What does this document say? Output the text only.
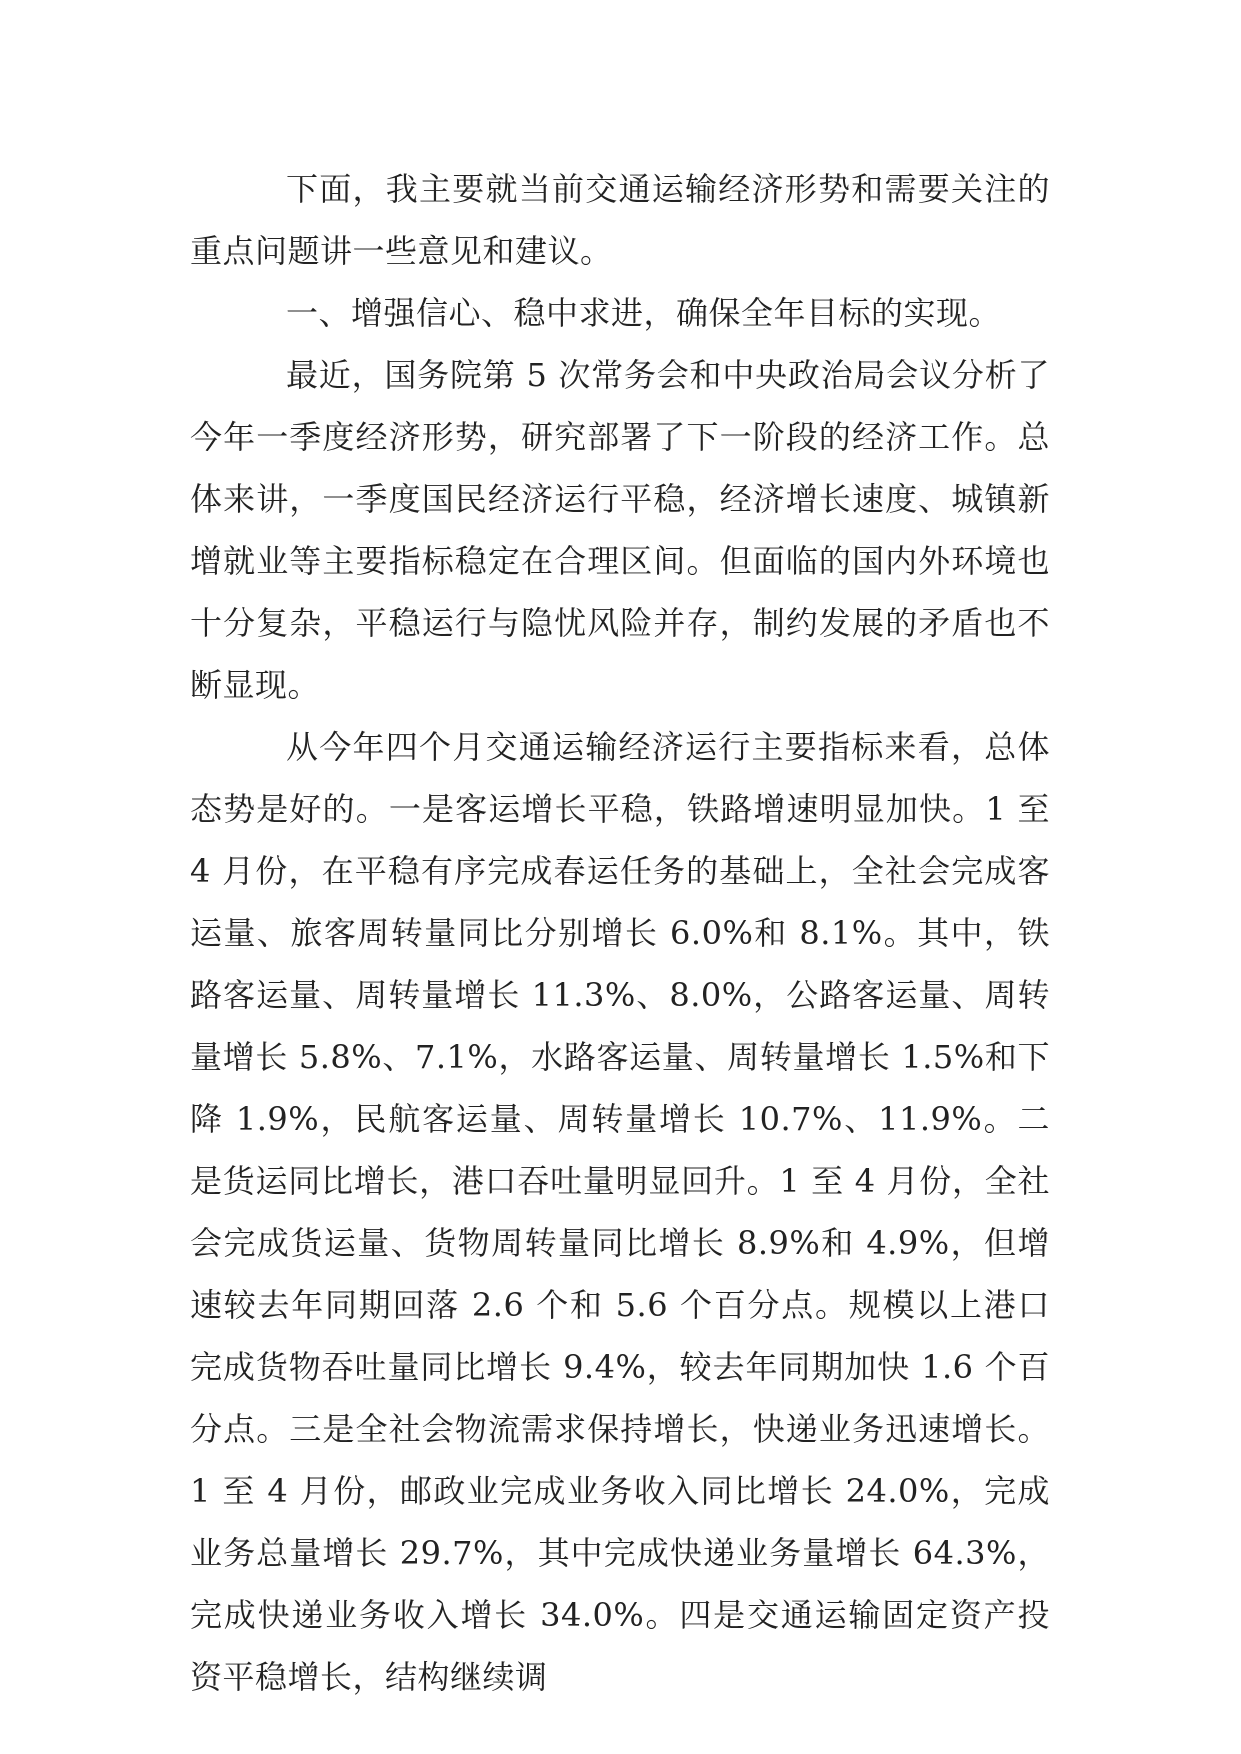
下面，我主要就当前交通运输经济形势和需要关注的重点问题讲一些意见和建议。

一、增强信心、稳中求进，确保全年目标的实现。

最近，国务院第 5 次常务会和中央政治局会议分析了今年一季度经济形势，研究部署了下一阶段的经济工作。总体来讲，一季度国民经济运行平稳，经济增长速度、城镇新增就业等主要指标稳定在合理区间。但面临的国内外环境也十分复杂，平稳运行与隐忧风险并存，制约发展的矛盾也不断显现。

从今年四个月交通运输经济运行主要指标来看，总体态势是好的。一是客运增长平稳，铁路增速明显加快。1 至 4 月份，在平稳有序完成春运任务的基础上，全社会完成客运量、旅客周转量同比分别增长 6.0%和 8.1%。其中，铁路客运量、周转量增长 11.3%、8.0%，公路客运量、周转量增长 5.8%、7.1%，水路客运量、周转量增长 1.5%和下降 1.9%，民航客运量、周转量增长 10.7%、11.9%。二是货运同比增长，港口吞吐量明显回升。1 至 4 月份，全社会完成货运量、货物周转量同比增长 8.9%和 4.9%，但增速较去年同期回落 2.6 个和 5.6 个百分点。规模以上港口完成货物吞吐量同比增长 9.4%，较去年同期加快 1.6 个百分点。三是全社会物流需求保持增长，快递业务迅速增长。1 至 4 月份，邮政业完成业务收入同比增长 24.0%，完成业务总量增长 29.7%，其中完成快递业务量增长 64.3%，完成快递业务收入增长 34.0%。四是交通运输固定资产投资平稳增长，结构继续调
